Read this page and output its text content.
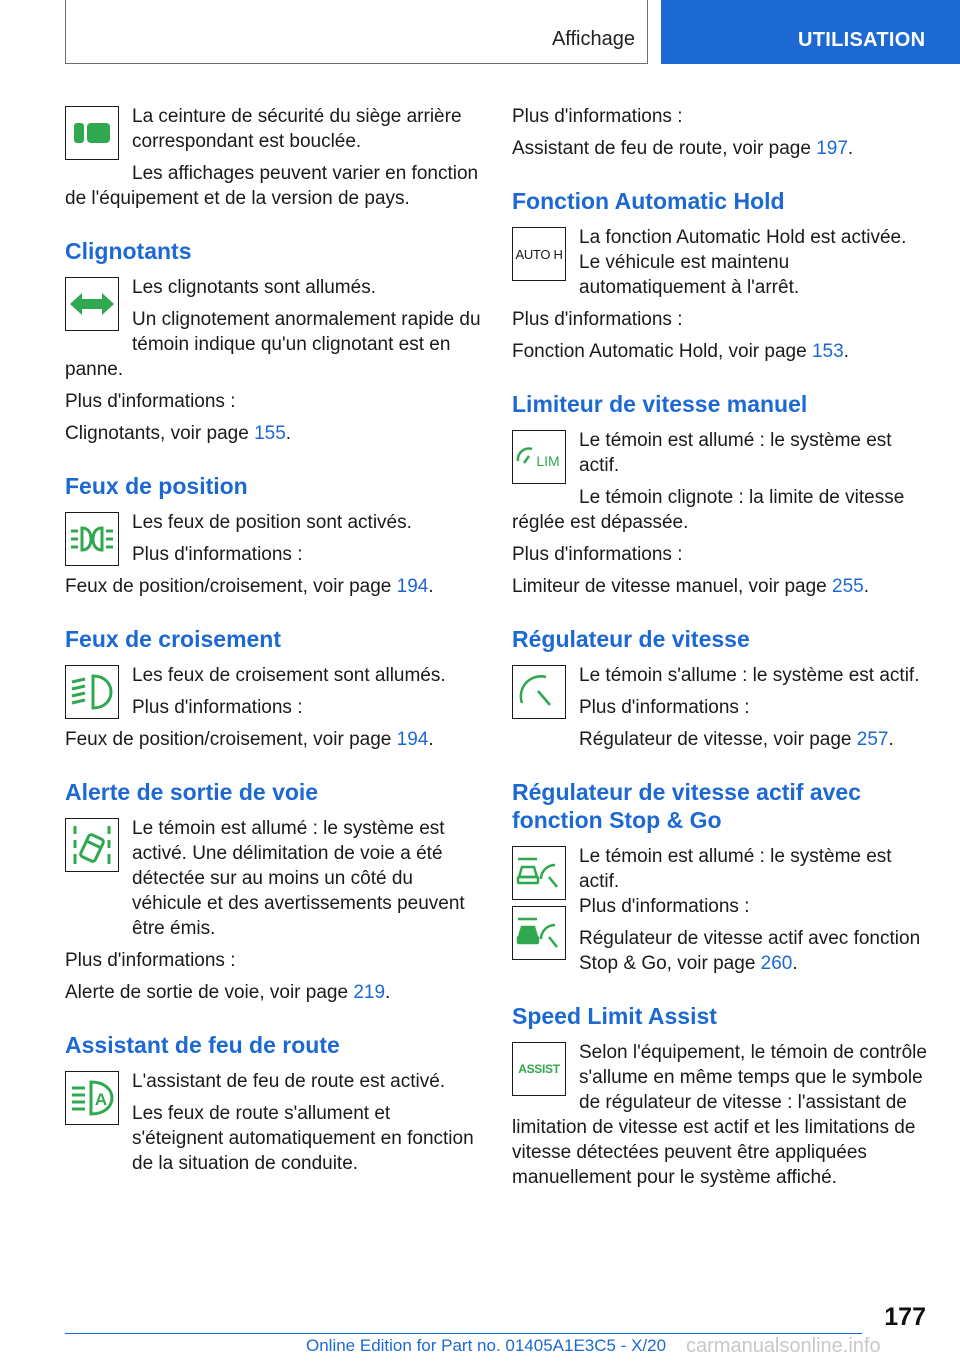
Affichage	UTILISATION

La ceinture de sécurité du siège arrière correspondant est bouclée.

Les affichages peuvent varier en fonction de l'équipement et de la version de pays.

Clignotants

Les clignotants sont allumés.

Un clignotement anormalement rapide du témoin indique qu'un clignotant est en panne.

Plus d'informations :

Clignotants, voir page 155.

Feux de position

Les feux de position sont activés.

Plus d'informations :

Feux de position/croisement, voir page 194.

Feux de croisement

Les feux de croisement sont allumés.

Plus d'informations :

Feux de position/croisement, voir page 194.

Alerte de sortie de voie

Le témoin est allumé : le système est activé. Une délimitation de voie a été détectée sur au moins un côté du véhicule et des avertissements peuvent être émis.

Plus d'informations :

Alerte de sortie de voie, voir page 219.

Assistant de feu de route
A

L'assistant de feu de route est activé.

Les feux de route s'allument et s'éteignent automatiquement en fonction de la situation de conduite.

Plus d'informations :

Assistant de feu de route, voir page 197.

Fonction Automatic Hold
AUTO H

La fonction Automatic Hold est activée. Le véhicule est maintenu automatiquement à l'arrêt.

Plus d'informations :

Fonction Automatic Hold, voir page 153.

Limiteur de vitesse manuel
LIM

Le témoin est allumé : le système est actif.

Le témoin clignote : la limite de vitesse réglée est dépassée.

Plus d'informations :

Limiteur de vitesse manuel, voir page 255.

Régulateur de vitesse

Le témoin s'allume : le système est actif.

Plus d'informations :

Régulateur de vitesse, voir page 257.

Régulateur de vitesse actif avec fonction Stop & Go

Le témoin est allumé : le système est actif.

Plus d'informations :

Régulateur de vitesse actif avec fonction Stop & Go, voir page 260.

Speed Limit Assist
ASSIST

Selon l'équipement, le témoin de contrôle s'allume en même temps que le symbole de régulateur de vitesse : l'assistant de limitation de vitesse est actif et les limitations de vitesse détectées peuvent être appliquées manuellement pour le système affiché.

177
Online Edition for Part no. 01405A1E3C5 - X/20 carmanualsonline.info
